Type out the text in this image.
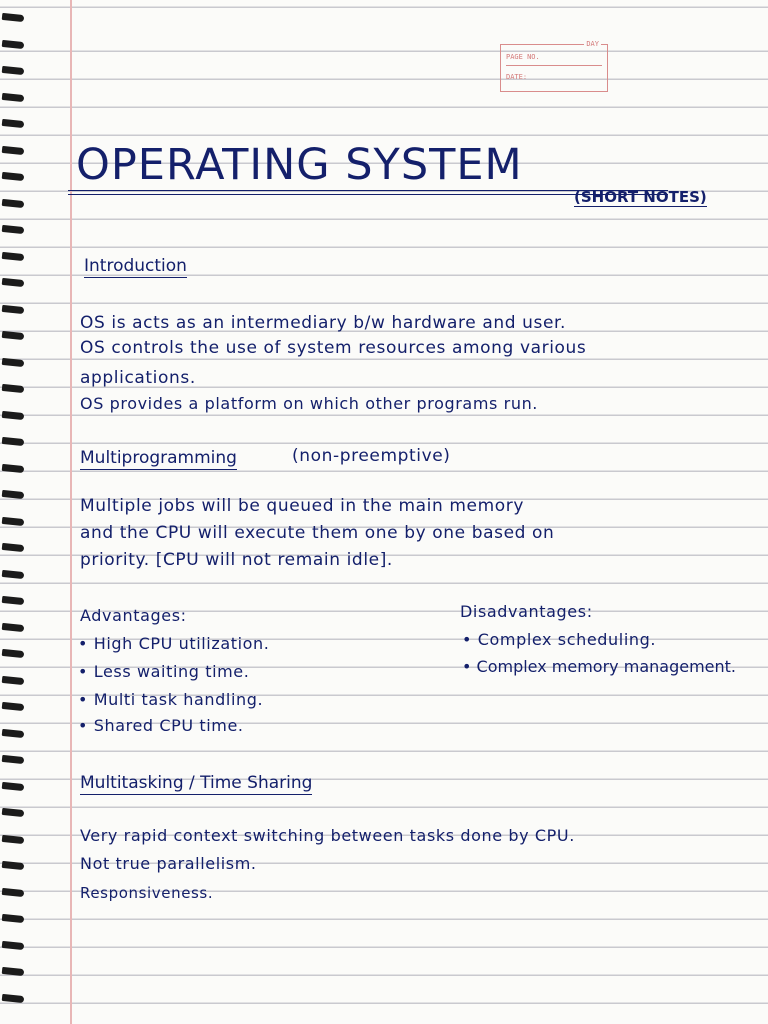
DAY
PAGE NO.
DATE:
OPERATING SYSTEM
(SHORT NOTES)
Introduction
OS is acts as an intermediary b/w hardware and user.
OS controls the use of system resources among various
applications.
OS provides a platform on which other programs run.
Multiprogramming	(non-preemptive)
Multiple jobs will be queued in the main memory
and the CPU will execute them one by one based on
priority. [CPU will not remain idle].
Advantages:
• High CPU utilization.
• Less waiting time.
• Multi task handling.
• Shared CPU time.
Disadvantages:
• Complex scheduling.
• Complex memory management.
Multitasking / Time Sharing
Very rapid context switching between tasks done by CPU.
Not true parallelism.
Responsiveness.
